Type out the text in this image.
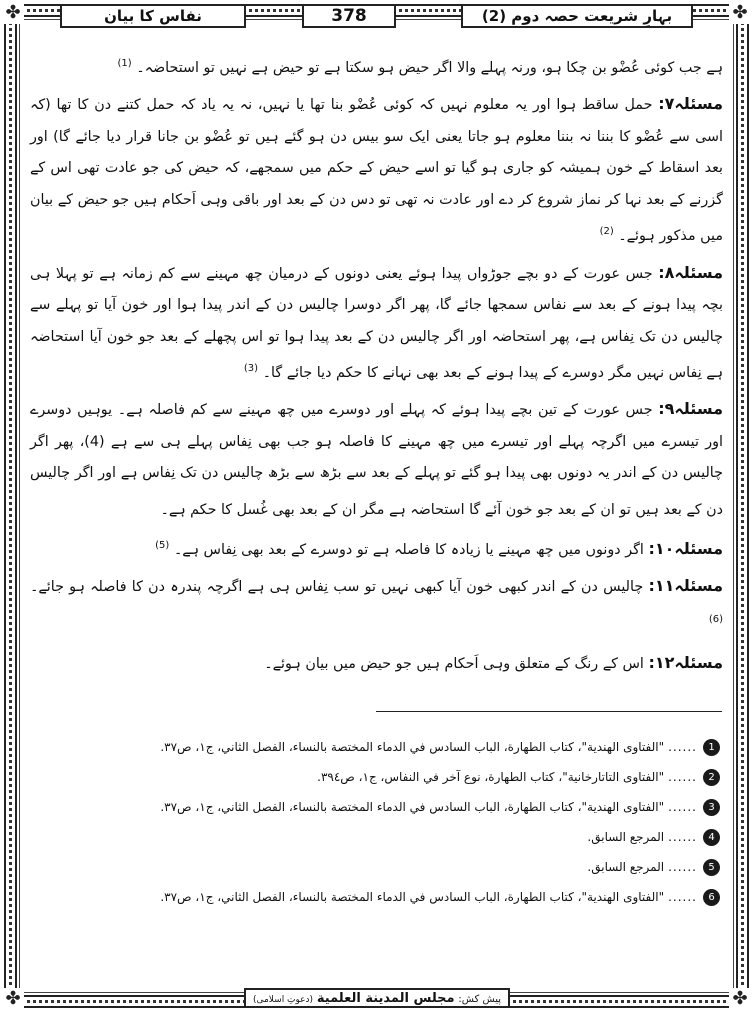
✤	✤
✤	✤
بہارِ شریعت حصہ دوم (2)
378
نفاس کا بیان

ہے جب کوئی عُضْو بن چکا ہو، ورنہ پہلے والا اگر حیض ہو سکتا ہے تو حیض ہے نہیں تو استحاضہ۔ $^{(1)}$

مسئلہ۷: حمل ساقط ہوا اور یہ معلوم نہیں کہ کوئی عُضْو بنا تھا یا نہیں، نہ یہ یاد کہ حمل کتنے دن کا تھا (کہ اسی سے عُضْو کا بننا نہ بننا معلوم ہو جاتا یعنی ایک سو بیس دن ہو گئے ہیں تو عُضْو بن جانا قرار دیا جائے گا) اور بعد اسقاط کے خون ہمیشہ کو جاری ہو گیا تو اسے حیض کے حکم میں سمجھے، کہ حیض کی جو عادت تھی اس کے گزرنے کے بعد نہا کر نماز شروع کر دے اور عادت نہ تھی تو دس دن کے بعد اور باقی وہی اَحکام ہیں جو حیض کے بیان میں مذکور ہوئے۔ $^{(2)}$

مسئلہ۸: جس عورت کے دو بچے جوڑواں پیدا ہوئے یعنی دونوں کے درمیان چھ مہینے سے کم زمانہ ہے تو پہلا ہی بچہ پیدا ہونے کے بعد سے نفاس سمجھا جائے گا، پھر اگر دوسرا چالیس دن کے اندر پیدا ہوا اور خون آیا تو پہلے سے چالیس دن تک نِفاس ہے، پھر استحاضہ اور اگر چالیس دن کے بعد پیدا ہوا تو اس پچھلے کے بعد جو خون آیا استحاضہ ہے نِفاس نہیں مگر دوسرے کے پیدا ہونے کے بعد بھی نہانے کا حکم دیا جائے گا۔ $^{(3)}$

مسئلہ۹: جس عورت کے تین بچے پیدا ہوئے کہ پہلے اور دوسرے میں چھ مہینے سے کم فاصلہ ہے۔ یوہیں دوسرے اور تیسرے میں اگرچہ پہلے اور تیسرے میں چھ مہینے کا فاصلہ ہو جب بھی نِفاس پہلے ہی سے ہے (4)، پھر اگر چالیس دن کے اندر یہ دونوں بھی پیدا ہو گئے تو پہلے کے بعد سے بڑھ سے بڑھ چالیس دن تک نِفاس ہے اور اگر چالیس دن کے بعد ہیں تو ان کے بعد جو خون آئے گا استحاضہ ہے مگر ان کے بعد بھی غُسل کا حکم ہے۔

مسئلہ۱۰: اگر دونوں میں چھ مہینے یا زیادہ کا فاصلہ ہے تو دوسرے کے بعد بھی نِفاس ہے۔ $^{(5)}$

مسئلہ۱۱: چالیس دن کے اندر کبھی خون آیا کبھی نہیں تو سب نِفاس ہی ہے اگرچہ پندرہ دن کا فاصلہ ہو جائے۔ $^{(6)}$

مسئلہ۱۲: اس کے رنگ کے متعلق وہی اَحکام ہیں جو حیض میں بیان ہوئے۔

1
......
"الفتاوی الهندية"، كتاب الطهارة، الباب السادس في الدماء المختصة بالنساء، الفصل الثاني، ج١، ص٣٧.
2
......
"الفتاوی التاتارخانية"، كتاب الطهارة، نوع آخر في النفاس، ج١، ص٣٩٤.
3
......
"الفتاوی الهندية"، كتاب الطهارة، الباب السادس في الدماء المختصة بالنساء، الفصل الثاني، ج١، ص٣٧.
4
......
المرجع السابق.
5
......
المرجع السابق.
6
......
"الفتاوی الهندية"، كتاب الطهارة، الباب السادس في الدماء المختصة بالنساء، الفصل الثاني، ج١، ص٣٧.
پیش کش: مجلس المدينة العلمية (دعوتِ اسلامی)
